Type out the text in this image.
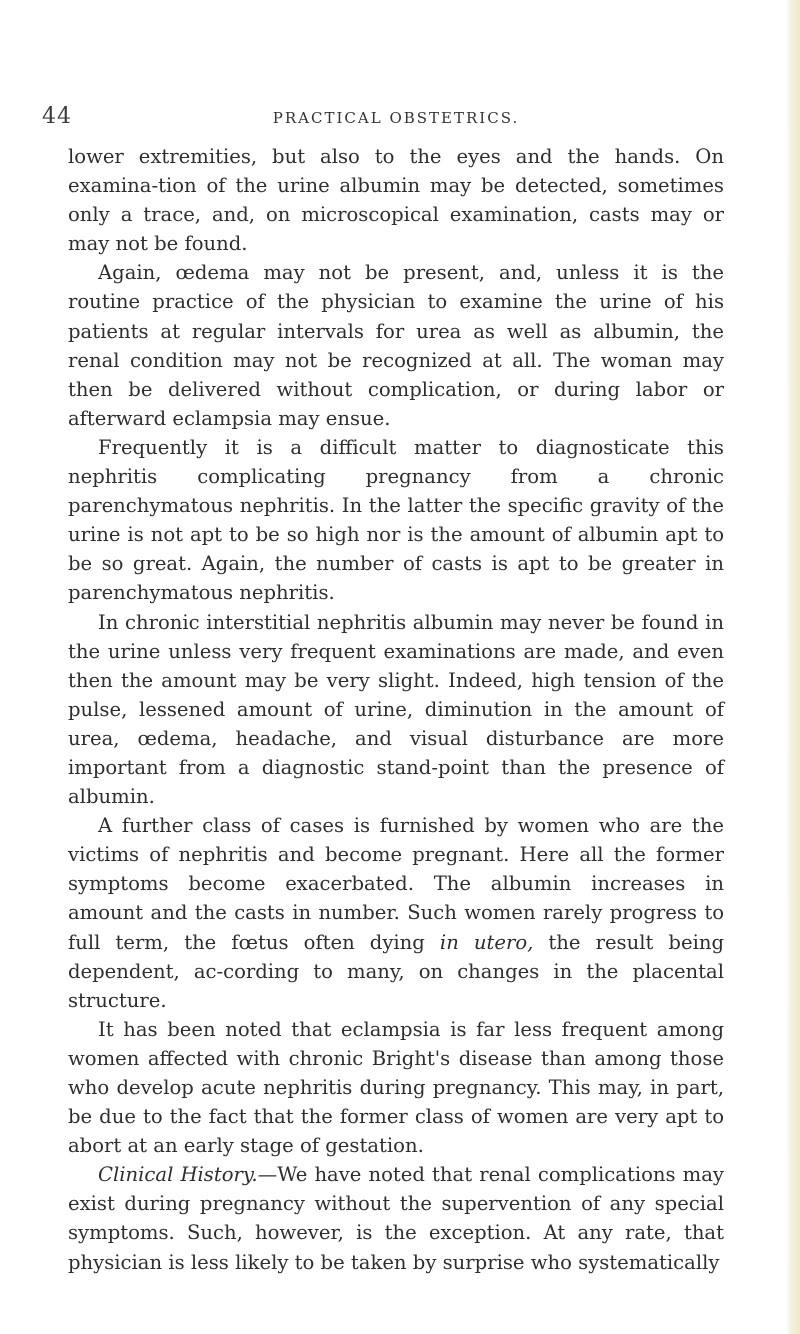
44	PRACTICAL OBSTETRICS.

lower extremities, but also to the eyes and the hands. On examina-tion of the urine albumin may be detected, sometimes only a trace, and, on microscopical examination, casts may or may not be found.

Again, œdema may not be present, and, unless it is the routine practice of the physician to examine the urine of his patients at regular intervals for urea as well as albumin, the renal condition may not be recognized at all. The woman may then be delivered without complication, or during labor or afterward eclampsia may ensue.

Frequently it is a difficult matter to diagnosticate this nephritis complicating pregnancy from a chronic parenchymatous nephritis. In the latter the specific gravity of the urine is not apt to be so high nor is the amount of albumin apt to be so great. Again, the number of casts is apt to be greater in parenchymatous nephritis.

In chronic interstitial nephritis albumin may never be found in the urine unless very frequent examinations are made, and even then the amount may be very slight. Indeed, high tension of the pulse, lessened amount of urine, diminution in the amount of urea, œdema, headache, and visual disturbance are more important from a diagnostic stand-point than the presence of albumin.

A further class of cases is furnished by women who are the victims of nephritis and become pregnant. Here all the former symptoms become exacerbated. The albumin increases in amount and the casts in number. Such women rarely progress to full term, the fœtus often dying in utero, the result being dependent, ac-cording to many, on changes in the placental structure.

It has been noted that eclampsia is far less frequent among women affected with chronic Bright's disease than among those who develop acute nephritis during pregnancy. This may, in part, be due to the fact that the former class of women are very apt to abort at an early stage of gestation.

Clinical History.—We have noted that renal complications may exist during pregnancy without the supervention of any special symptoms. Such, however, is the exception. At any rate, that physician is less likely to be taken by surprise who systematically
